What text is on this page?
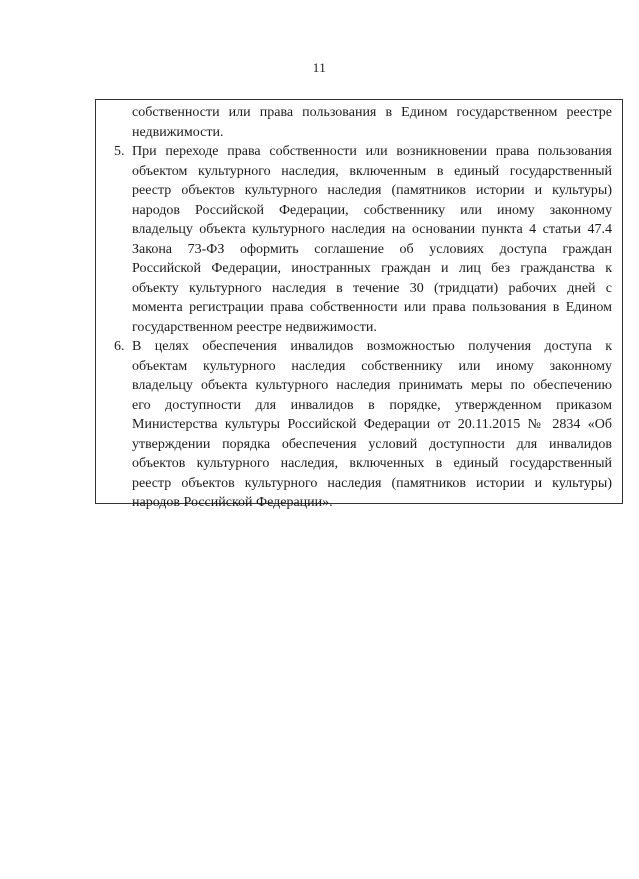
11
собственности или права пользования в Едином государственном реестре
недвижимости.
5. При переходе права собственности или возникновении права пользования
объектом культурного наследия, включенным в единый государственный
реестр объектов культурного наследия (памятников истории и культуры)
народов Российской Федерации, собственнику или иному законному
владельцу объекта культурного наследия на основании пункта 4 статьи 47.4
Закона 73-ФЗ оформить соглашение об условиях доступа граждан
Российской Федерации, иностранных граждан и лиц без гражданства к
объекту культурного наследия в течение 30 (тридцати) рабочих дней с
момента регистрации права собственности или права пользования в Едином
государственном реестре недвижимости.
6. В целях обеспечения инвалидов возможностью получения доступа к
объектам культурного наследия собственнику или иному законному
владельцу объекта культурного наследия принимать меры по обеспечению
его доступности для инвалидов в порядке, утвержденном приказом
Министерства культуры Российской Федерации от 20.11.2015 № 2834 «Об
утверждении порядка обеспечения условий доступности для инвалидов
объектов культурного наследия, включенных в единый государственный
реестр объектов культурного наследия (памятников истории и культуры)
народов Российской Федерации».
